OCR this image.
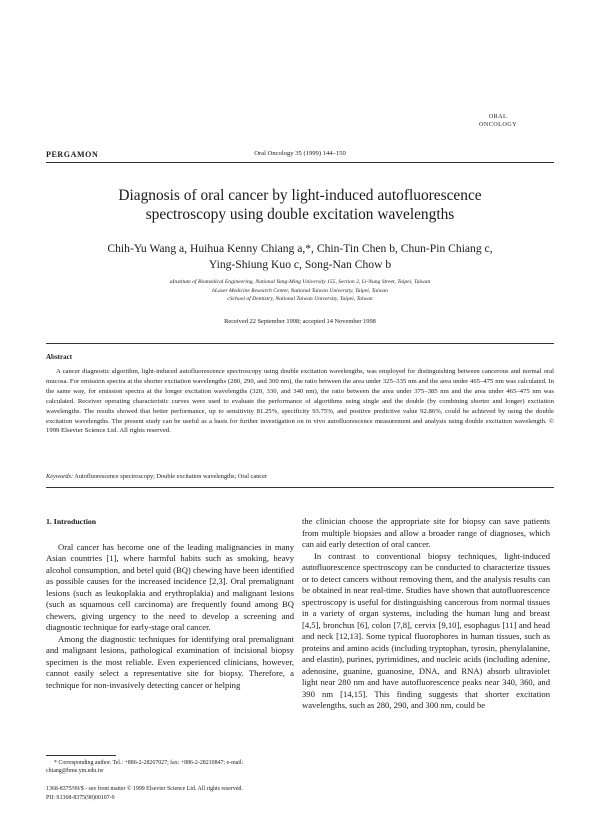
ORAL
ONCOLOGY
PERGAMON	Oral Oncology 35 (1999) 144–150
Diagnosis of oral cancer by light-induced autofluorescence
spectroscopy using double excitation wavelengths
Chih-Yu Wang a, Huihua Kenny Chiang a,*, Chin-Tin Chen b, Chun-Pin Chiang c,
Ying-Shiung Kuo c, Song-Nan Chow b
aInstitute of Biomedical Engineering, National Yang-Ming University 155, Section 2, Li-Nung Street, Taipei, Taiwan
bLaser Medicine Research Center, National Taiwan University, Taipei, Taiwan
cSchool of Dentistry, National Taiwan University, Taipei, Taiwan
Received 22 September 1998; accepted 14 November 1998
Abstract
A cancer diagnostic algorithm, light-induced autofluorescence spectroscopy using double excitation wavelengths, was employed for distinguishing between cancerous and normal oral mucosa. For emission spectra at the shorter excitation wavelengths (280, 290, and 300 nm), the ratio between the area under 325–335 nm and the area under 465–475 nm was calculated. In the same way, for emission spectra at the longer excitation wavelengths (320, 330, and 340 nm), the ratio between the area under 375–385 nm and the area under 465–475 nm was calculated. Receiver operating characteristic curves were used to evaluate the performance of algorithms using single and the double (by combining shorter and longer) excitation wavelengths. The results showed that better performance, up to sensitivity 81.25%, specificity 93.75%, and positive predictive value 92.86%, could be achieved by using the double excitation wavelengths. The present study can be useful as a basis for further investigation on in vivo autofluorescence measurement and analysis using double excitation wavelength. © 1999 Elsevier Science Ltd. All rights reserved.
Keywords: Autofluorescence spectroscopy; Double excitation wavelengths; Oral cancer
1. Introduction

Oral cancer has become one of the leading malignancies in many Asian countries [1], where harmful habits such as smoking, heavy alcohol consumption, and betel quid (BQ) chewing have been identified as possible causes for the increased incidence [2,3]. Oral premalignant lesions (such as leukoplakia and erythroplakia) and malignant lesions (such as squamous cell carcinoma) are frequently found among BQ chewers, giving urgency to the need to develop a screening and diagnostic technique for early-stage oral cancer.

Among the diagnostic techniques for identifying oral premalignant and malignant lesions, pathological examination of incisional biopsy specimen is the most reliable. Even experienced clinicians, however, cannot easily select a representative site for biopsy. Therefore, a technique for non-invasively detecting cancer or helping

the clinician choose the appropriate site for biopsy can save patients from multiple biopsies and allow a broader range of diagnoses, which can aid early detection of oral cancer.

In contrast to conventional biopsy techniques, light-induced autofluorescence spectroscopy can be conducted to characterize tissues or to detect cancers without removing them, and the analysis results can be obtained in near real-time. Studies have shown that autofluorescence spectroscopy is useful for distinguishing cancerous from normal tissues in a variety of organ systems, including the human lung and breast [4,5], bronchus [6], colon [7,8], cervix [9,10], esophagus [11] and head and neck [12,13]. Some typical fluorophores in human tissues, such as proteins and amino acids (including tryptophan, tyrosin, phenylalanine, and elastin), purines, pyrimidines, and nucleic acids (including adenine, adenosine, guanine, guanosine, DNA, and RNA) absorb ultraviolet light near 280 nm and have autofluorescence peaks near 340, 360, and 390 nm [14,15]. This finding suggests that shorter excitation wavelengths, such as 280, 290, and 300 nm, could be

* Corresponding author. Tel.: +886-2-28267027; fax: +886-2-28210847; e-mail: chiang@bme.ym.edu.tw
1368-8375/99/$ - see front matter © 1999 Elsevier Science Ltd. All rights reserved.
PII: S1368-8375(98)00107-9
